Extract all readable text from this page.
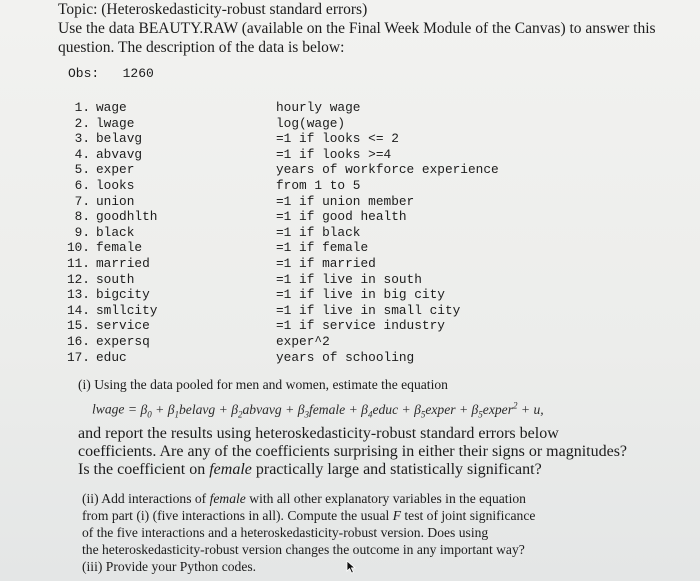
Topic: (Heteroskedasticity-robust standard errors)
Use the data BEAUTY.RAW (available on the Final Week Module of the Canvas) to answer this
question. The description of the data is below:
Obs: 1260
1. wage	hourly wage
2. lwage	log(wage)
3. belavg	=1 if looks <= 2
4. abvavg	=1 if looks >=4
5. exper	years of workforce experience
6. looks	from 1 to 5
7. union	=1 if union member
8. goodhlth	=1 if good health
9. black	=1 if black
10. female	=1 if female
11. married	=1 if married
12. south	=1 if live in south
13. bigcity	=1 if live in big city
14. smllcity	=1 if live in small city
15. service	=1 if service industry
16. expersq	exper^2
17. educ	years of schooling
(i) Using the data pooled for men and women, estimate the equation
lwage = $\beta_0$ + $\beta_1belavg$ + $\beta_2abvavg$ + $\beta_3female$ + $\beta_4educ$ + $\beta_5exper$ + $\beta_5exper^2 + u$,
and report the results using heteroskedasticity-robust standard errors below
coefficients. Are any of the coefficients surprising in either their signs or magnitudes?
Is the coefficient on female practically large and statistically significant?
(ii) Add interactions of female with all other explanatory variables in the equation
from part (i) (five interactions in all). Compute the usual F test of joint significance
of the five interactions and a heteroskedasticity-robust version. Does using
the heteroskedasticity-robust version changes the outcome in any important way?
(iii) Provide your Python codes.
